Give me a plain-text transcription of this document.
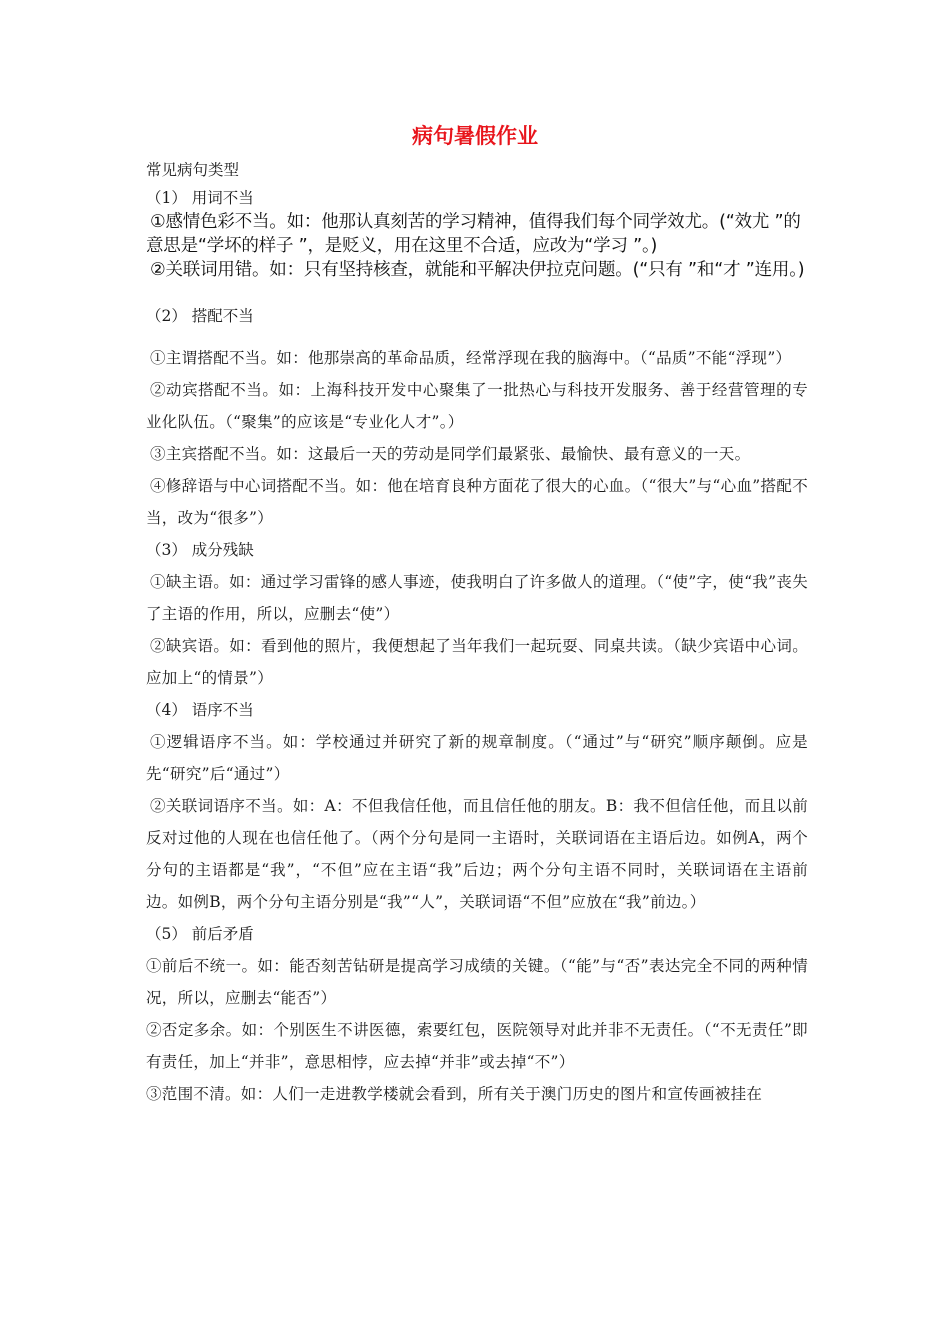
病句暑假作业
常见病句类型
（1） 用词不当
①感情色彩不当。如：他那认真刻苦的学习精神，值得我们每个同学效尤。(“效尤 ”的意思是“学坏的样子 ”，是贬义，用在这里不合适，应改为“学习 ”。)
②关联词用错。如：只有坚持核查，就能和平解决伊拉克问题。(“只有 ”和“才 ”连用。)
（2） 搭配不当
①主谓搭配不当。如：他那崇高的革命品质，经常浮现在我的脑海中。（“品质”不能“浮现”）
②动宾搭配不当。如：上海科技开发中心聚集了一批热心与科技开发服务、善于经营管理的专业化队伍。（“聚集”的应该是“专业化人才”。）
③主宾搭配不当。如：这最后一天的劳动是同学们最紧张、最愉快、最有意义的一天。
④修辞语与中心词搭配不当。如：他在培育良种方面花了很大的心血。（“很大”与“心血”搭配不当，改为“很多”）
（3） 成分残缺
①缺主语。如：通过学习雷锋的感人事迹，使我明白了许多做人的道理。（“使”字，使“我”丧失了主语的作用，所以，应删去“使”）
②缺宾语。如：看到他的照片，我便想起了当年我们一起玩耍、同桌共读。（缺少宾语中心词。应加上“的情景”）
（4） 语序不当
①逻辑语序不当。如：学校通过并研究了新的规章制度。（“通过”与“研究”顺序颠倒。应是先“研究”后“通过”）
②关联词语序不当。如：A：不但我信任他，而且信任他的朋友。B：我不但信任他，而且以前反对过他的人现在也信任他了。（两个分句是同一主语时，关联词语在主语后边。如例A，两个分句的主语都是“我”，“不但”应在主语“我”后边；两个分句主语不同时，关联词语在主语前边。如例B，两个分句主语分别是“我”“人”，关联词语“不但”应放在“我”前边。）
（5） 前后矛盾
①前后不统一。如：能否刻苦钻研是提高学习成绩的关键。（“能”与“否”表达完全不同的两种情况，所以，应删去“能否”）
②否定多余。如：个别医生不讲医德，索要红包，医院领导对此并非不无责任。（“不无责任”即有责任，加上“并非”，意思相悖，应去掉“并非”或去掉“不”）
③范围不清。如：人们一走进教学楼就会看到，所有关于澳门历史的图片和宣传画被挂在
